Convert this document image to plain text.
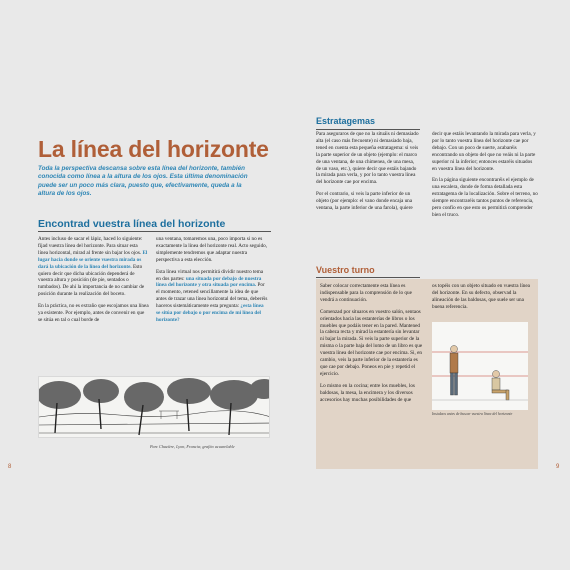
La línea del horizonte
Toda la perspectiva descansa sobre esta línea del horizonte, también conocida como línea a la altura de los ojos. Esta última denominación puede ser un poco más clara, puesto que, efectivamente, queda a la altura de los ojos.
Encontrad vuestra línea del horizonte

Antes incluso de sacar el lápiz, haced lo siguiente: fijad vuestra línea del horizonte. Para situar esta línea horizontal, mirad al frente sin bajar los ojos. El lugar hacia donde se oriente vuestra mirada os dará la ubicación de la línea del horizonte. Esto quiero decir que dicha ubicación dependerá de vuestra altura y posición (de pie, sentados o tumbados). De ahí la importancia de no cambiar de posición durante la realización del boceto.

En la práctica, no es extraño que escojamos una línea ya existente. Por ejemplo, antes de convenir en que se sitúa en tal o cual borde de

una ventana, tomaremos una, poco importa si no es exactamente la línea del horizonte real. Acto seguido, simplemente tendremos que adaptar nuestra perspectiva a esta elección.

Esta línea virtual nos permitirá dividir nuestro tema en dos partes: una situada por debajo de nuestra línea del horizonte y otra situada por encima. Por el momento, retened sencillamente la idea de que antes de trazar una línea horizontal del tema, deberéis haceros sistemáticamente esta pregunta: ¿esta línea se sitúa por debajo o por encima de mi línea del horizonte?

Parc Chazière, Lyon, Francia; grafito acuarelable
8
Estratagemas

Para aseguraros de que no la situáis ni demasiado alta (el caso más frecuente) ni demasiado baja, tened en cuenta esta pequeña estratagema: si veis la parte superior de un objeto (ejemplo: el marco de una ventana, de una chimenea, de una mesa, de un vaso, etc.), quiere decir que estáis bajando la mirada para verla, y por lo tanto vuestra línea del horizonte cae por encima.

Por el contrario, si veis la parte inferior de un objeto (por ejemplo: el vano donde encaja una ventana, la parte inferior de una farola), quiere

decir que estáis levantando la mirada para verla, y por lo tanto vuestra línea del horizonte cae por debajo. Con un poco de suerte, acabaréis encontrando un objeto del que no veáis ni la parte superior ni la inferior; entonces estaréis situados en vuestra línea del horizonte.

En la página siguiente encontraréis el ejemplo de una escalera, donde de forma detallada esta estratagema de la localización. Sobre el terreno, no siempre encontraréis tantos puntos de referencia, pero confío en que esto os permitirá comprender bien el truco.

Vuestro turno

Saber colocar correctamente esta línea es indispensable para la comprensión de lo que vendrá a continuación.

Comenzad por situaros en vuestro salón, sentaos orientados hacia las estanterías de libros o los muebles que podáis tener en la pared. Mantened la cabeza recta y mirad la estantería sin levantar ni bajar la mirada. Si veis la parte superior de la misma o la parte baja del lomo de un libro es que vuestra línea del horizonte cae por encima. Si, en cambio, veis la parte inferior de la estantería es que cae por debajo. Poneos en pie y repetid el ejercicio.

Lo mismo en la cocina; entre los muebles, los baldosas, la mesa, la encimera y los diversos accesorios hay muchas posibilidades de que

os topéis con un objeto situado en vuestra línea del horizonte. En su defecto, observad la alineación de las baldosas, que suele ser una buena referencia.

Instalaos antes de buscar vuestra línea del horizonte
9
